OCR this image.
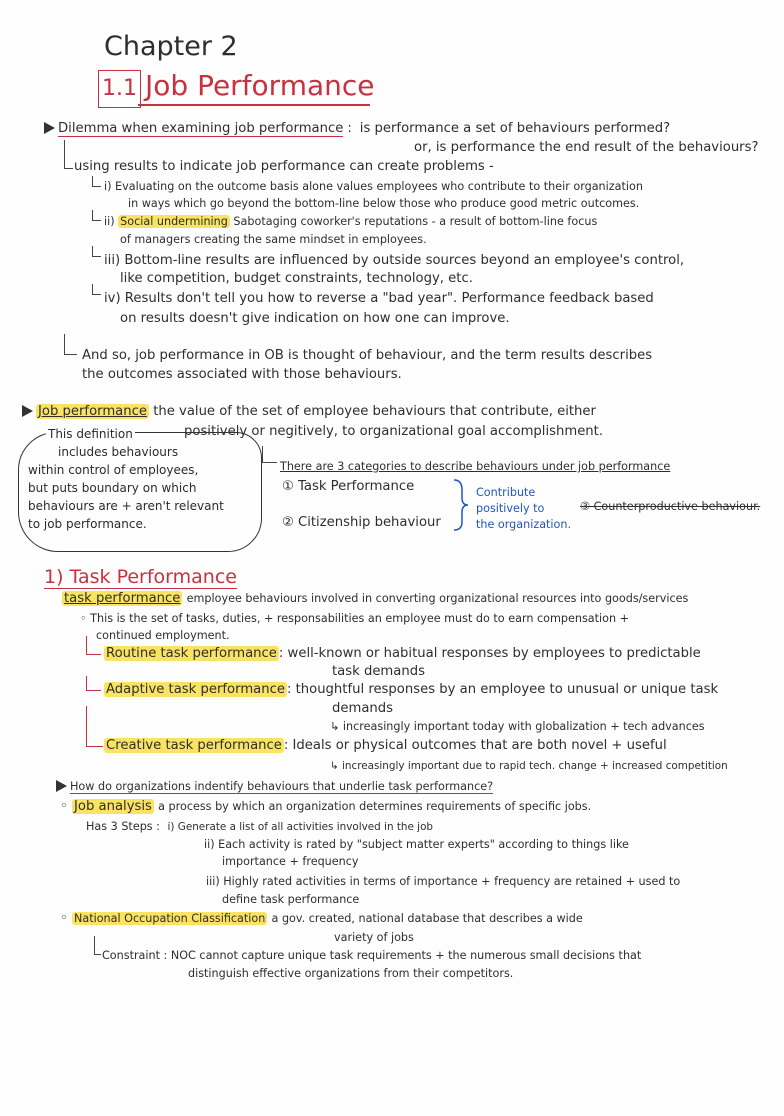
Chapter 2
1.1 Job Performance
Dilemma when examining job performance : is performance a set of behaviours performed?
or, is performance the end result of the behaviours?
using results to indicate job performance can create problems -
i) Evaluating on the outcome basis alone values employees who contribute to their organization
in ways which go beyond the bottom-line below those who produce good metric outcomes.
ii) Social undermining Sabotaging coworker's reputations - a result of bottom-line focus
of managers creating the same mindset in employees.
iii) Bottom-line results are influenced by outside sources beyond an employee's control,
like competition, budget constraints, technology, etc.
iv) Results don't tell you how to reverse a "bad year". Performance feedback based
on results doesn't give indication on how one can improve.
And so, job performance in OB is thought of behaviour, and the term results describes
the outcomes associated with those behaviours.
Job performance the value of the set of employee behaviours that contribute, either
positively or negitively, to organizational goal accomplishment.
This definition
includes behaviours
within control of employees,
but puts boundary on which
behaviours are + aren't relevant
to job performance.
There are 3 categories to describe behaviours under job performance
① Task Performance
② Citizenship behaviour
Contribute
positively to
the organization.
③ Counterproductive behaviour.
1) Task Performance
task performance employee behaviours involved in converting organizational resources into goods/services
◦ This is the set of tasks, duties, + responsabilities an employee must do to earn compensation +
continued employment.
Routine task performance : well-known or habitual responses by employees to predictable
task demands
Adaptive task performance : thoughtful responses by an employee to unusual or unique task
demands
↳ increasingly important today with globalization + tech advances
Creative task performance : Ideals or physical outcomes that are both novel + useful
↳ increasingly important due to rapid tech. change + increased competition
How do organizations indentify behaviours that underlie task performance?
◦ Job analysis a process by which an organization determines requirements of specific jobs.
Has 3 Steps : i) Generate a list of all activities involved in the job
ii) Each activity is rated by "subject matter experts" according to things like
importance + frequency
iii) Highly rated activities in terms of importance + frequency are retained + used to
define task performance
◦ National Occupation Classification a gov. created, national database that describes a wide
variety of jobs
Constraint : NOC cannot capture unique task requirements + the numerous small decisions that
distinguish effective organizations from their competitors.
